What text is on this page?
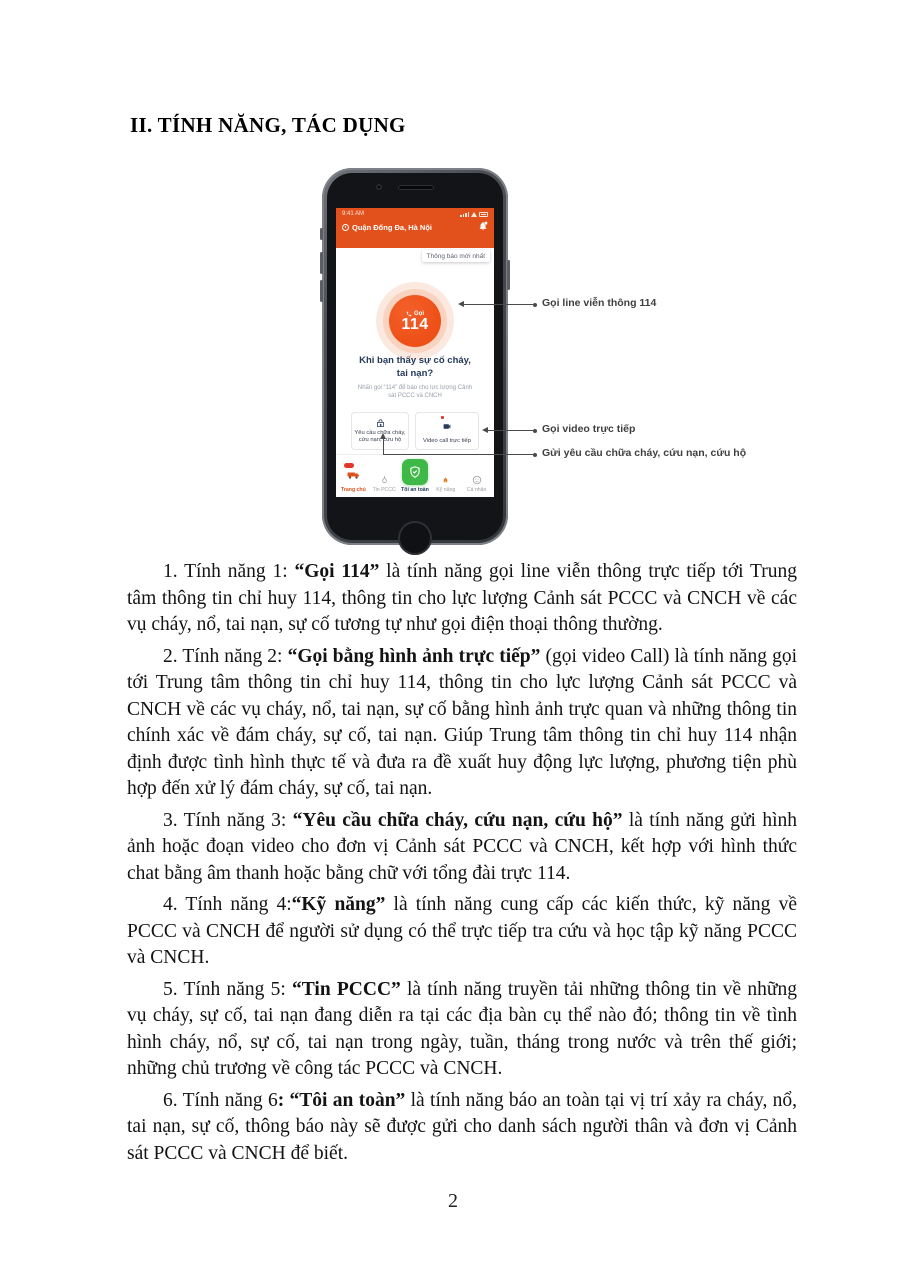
II. TÍNH NĂNG, TÁC DỤNG
9:41 AM
Quận Đống Đa, Hà Nội
Thông báo mới nhất
Gọi
114
Khi bạn thấy sự cố cháy,
tai nạn?
Nhấn gọi “114” để báo cho lực lượng Cảnh sát PCCC và CNCH
Yêu cầu chữa cháy, cứu nạn, cứu hộ	Video call trực tiếp
Trang chủ Tin PCCC Tôi an toàn Kỹ năng Cá nhân
Gọi line viễn thông 114
Gọi video trực tiếp
Gửi yêu cầu chữa cháy, cứu nạn, cứu hộ

1. Tính năng 1: “Gọi 114” là tính năng gọi line viễn thông trực tiếp tới Trung tâm thông tin chỉ huy 114, thông tin cho lực lượng Cảnh sát PCCC và CNCH về các vụ cháy, nổ, tai nạn, sự cố tương tự như gọi điện thoại thông thường.

2. Tính năng 2: “Gọi bằng hình ảnh trực tiếp” (gọi video Call) là tính năng gọi tới Trung tâm thông tin chỉ huy 114, thông tin cho lực lượng Cảnh sát PCCC và CNCH về các vụ cháy, nổ, tai nạn, sự cố bằng hình ảnh trực quan và những thông tin chính xác về đám cháy, sự cố, tai nạn. Giúp Trung tâm thông tin chỉ huy 114 nhận định được tình hình thực tế và đưa ra đề xuất huy động lực lượng, phương tiện phù hợp đến xử lý đám cháy, sự cố, tai nạn.

3. Tính năng 3: “Yêu cầu chữa cháy, cứu nạn, cứu hộ” là tính năng gửi hình ảnh hoặc đoạn video cho đơn vị Cảnh sát PCCC và CNCH, kết hợp với hình thức chat bằng âm thanh hoặc bằng chữ với tổng đài trực 114.

4. Tính năng 4:“Kỹ năng” là tính năng cung cấp các kiến thức, kỹ năng về PCCC và CNCH để người sử dụng có thể trực tiếp tra cứu và học tập kỹ năng PCCC và CNCH.

5. Tính năng 5: “Tin PCCC” là tính năng truyền tải những thông tin về những vụ cháy, sự cố, tai nạn đang diễn ra tại các địa bàn cụ thể nào đó; thông tin về tình hình cháy, nổ, sự cố, tai nạn trong ngày, tuần, tháng trong nước và trên thế giới; những chủ trương về công tác PCCC và CNCH.

6. Tính năng 6: “Tôi an toàn” là tính năng báo an toàn tại vị trí xảy ra cháy, nổ, tai nạn, sự cố, thông báo này sẽ được gửi cho danh sách người thân và đơn vị Cảnh sát PCCC và CNCH để biết.

2
